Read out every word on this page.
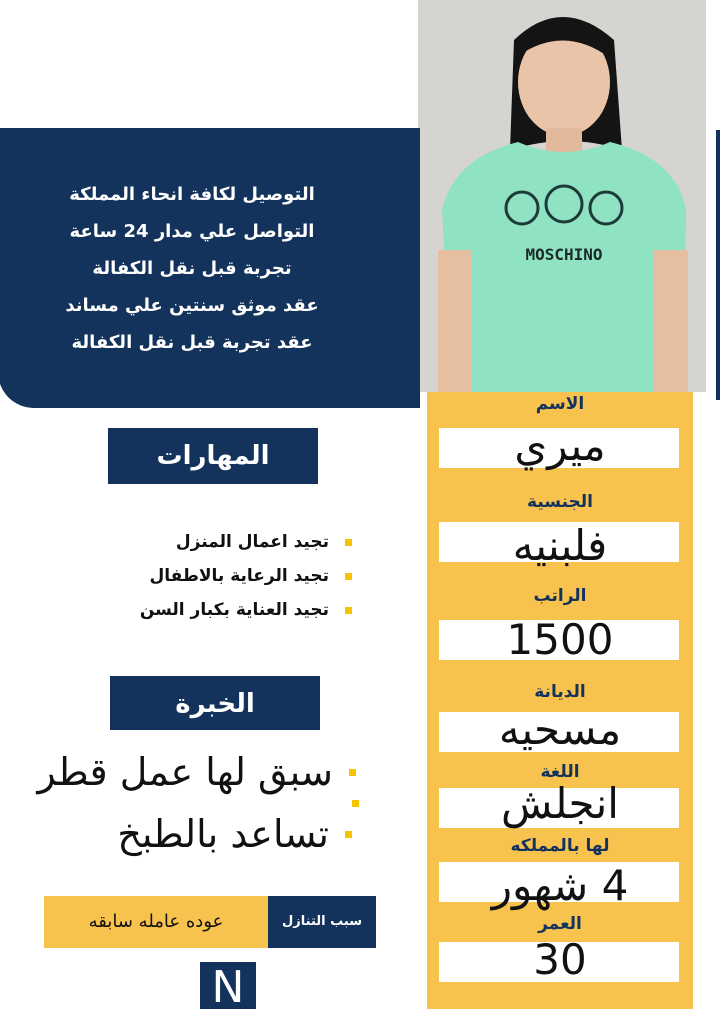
MOSCHINO
التوصيل لكافة انحاء المملكة
التواصل علي مدار 24 ساعة
تجربة قبل نقل الكفالة
عقد موثق سنتين علي مساند
عقد تجربة قبل نقل الكفالة
الاسم
ميري
الجنسية
فلبنيه
الراتب
1500
الديانة
مسحيه
اللغة
انجلش
لها بالمملكه
4 شهور
العمر
30
المهارات
تجيد اعمال المنزل
تجيد الرعاية بالاطفال
تجيد العناية بكبار السن
الخبرة
سبق لها عمل قطر
تساعد بالطبخ
سبب التنازل
عوده عامله سابقه
N
